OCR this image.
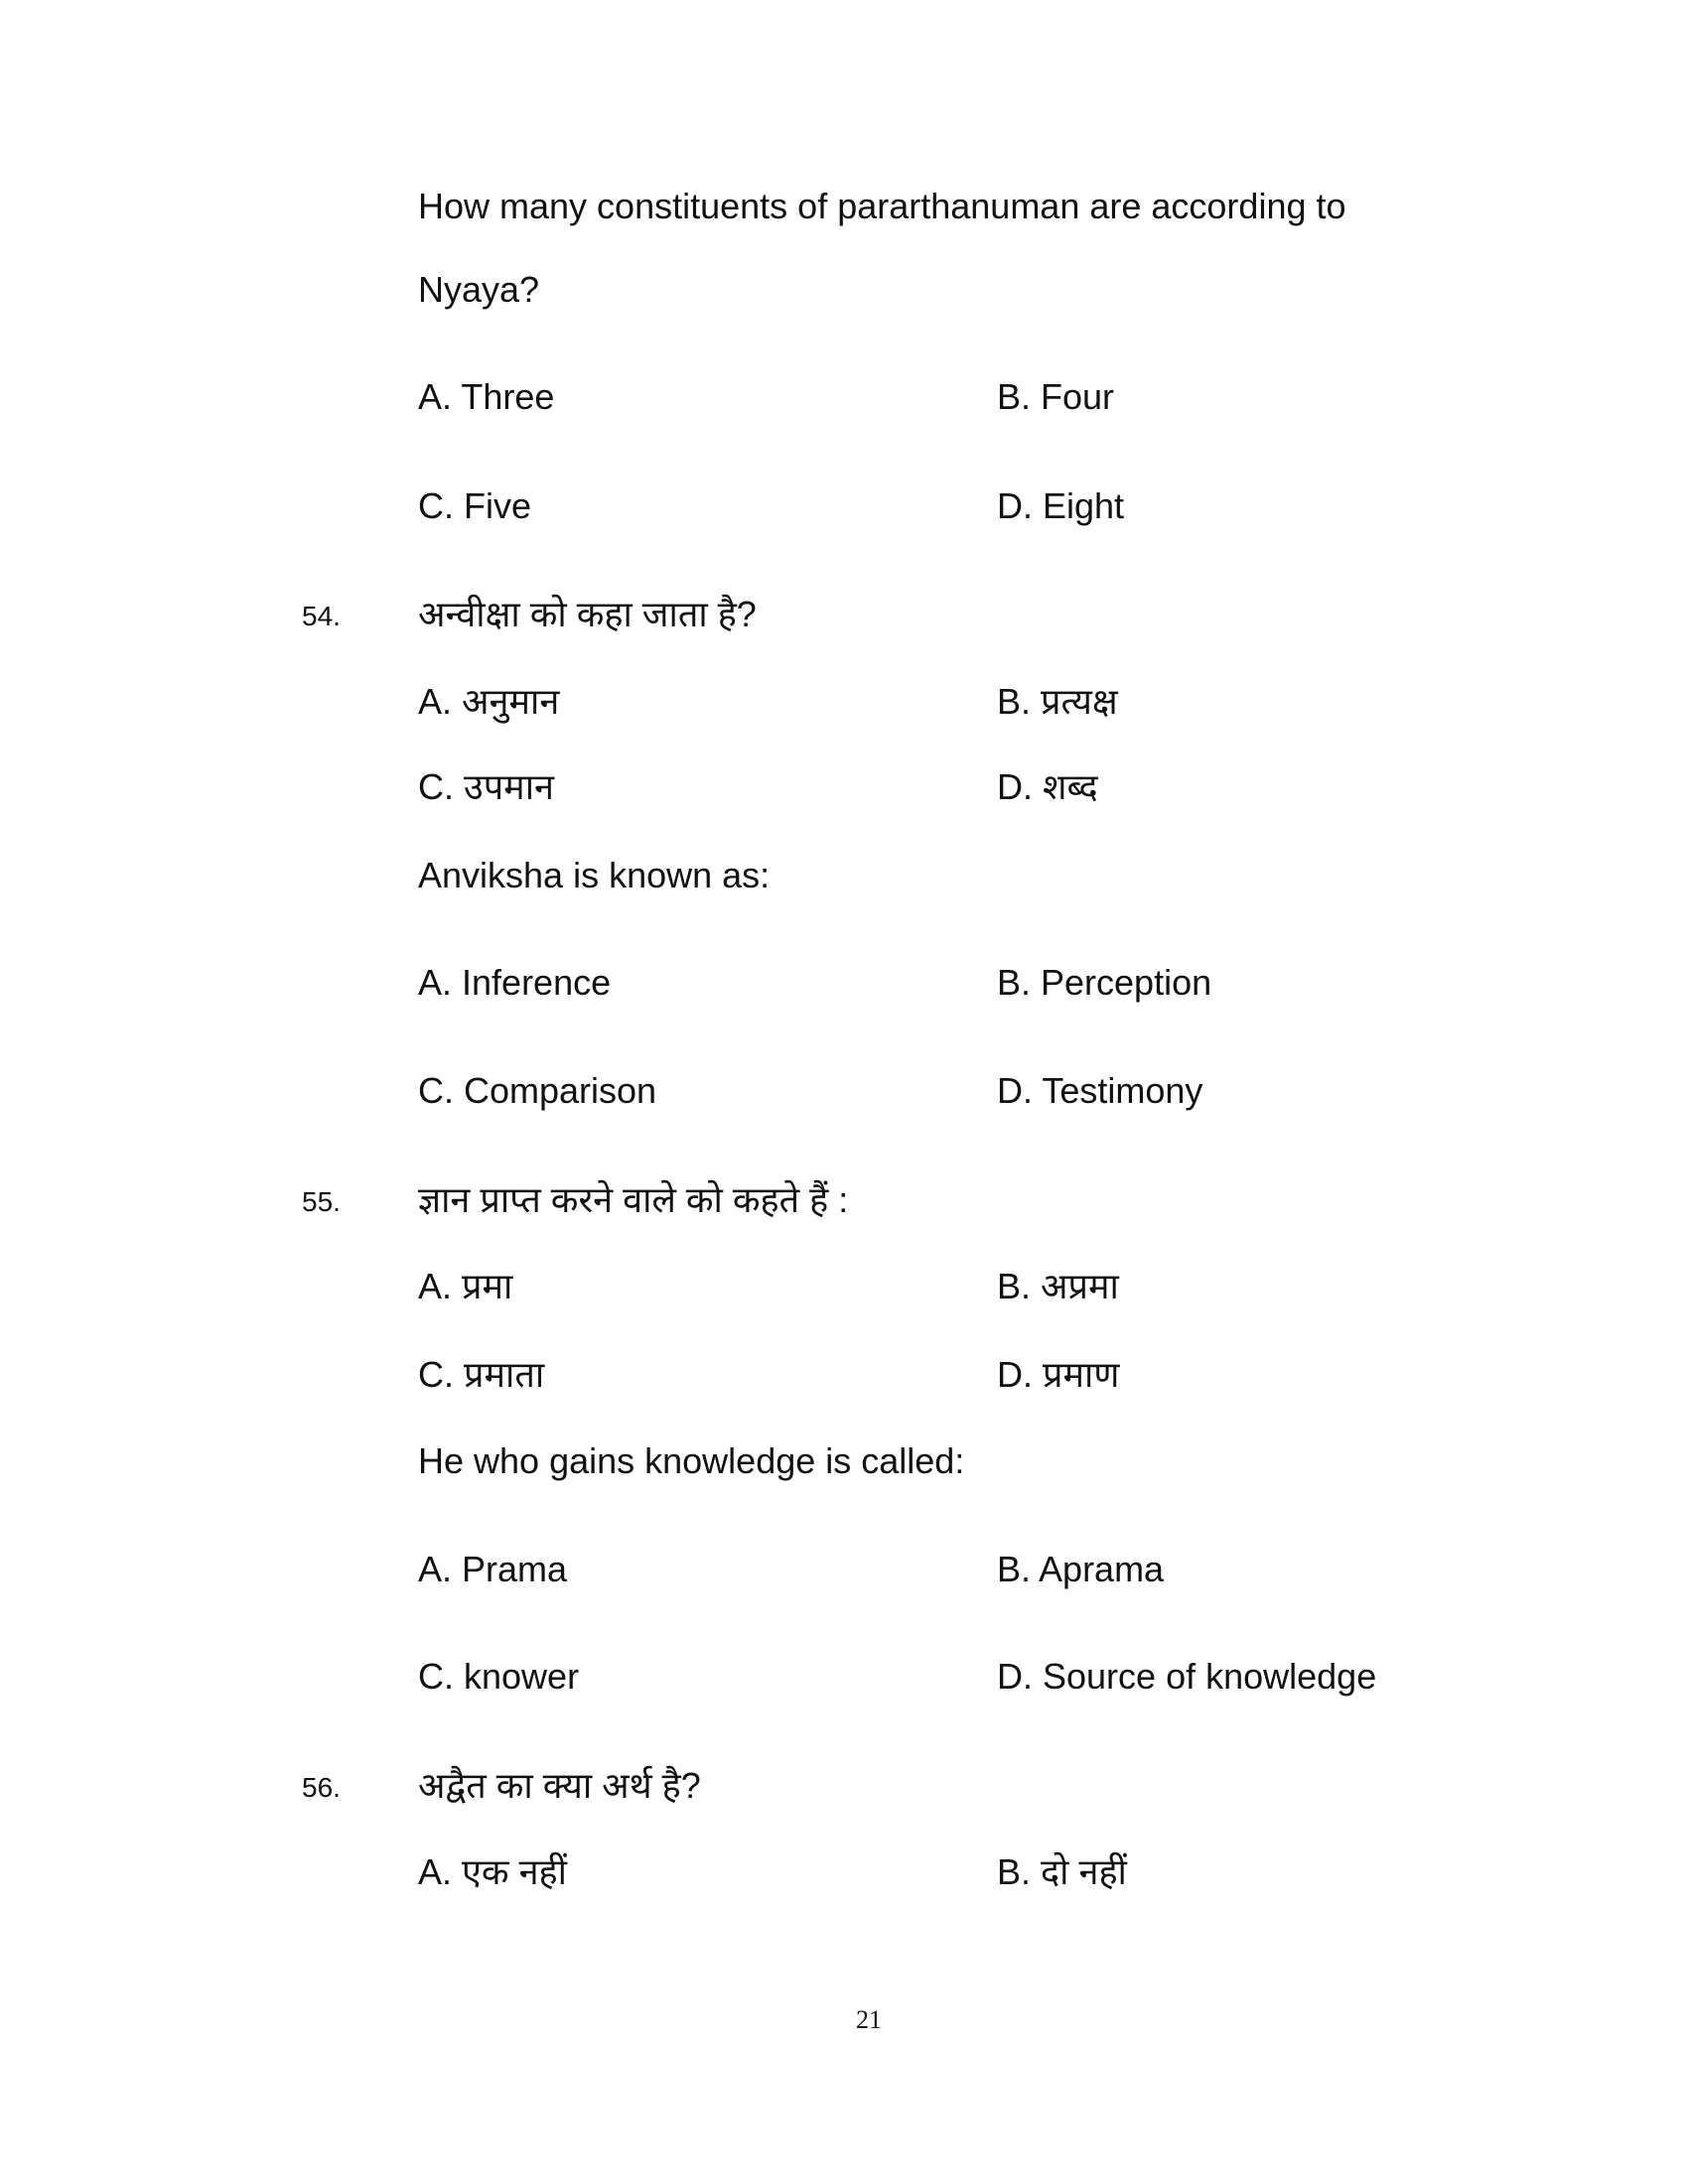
How many constituents of pararthanuman are according to
Nyaya?
A. Three	B. Four
C. Five	D. Eight
54. अन्वीक्षा को कहा जाता है?
A. अनुमान	B. प्रत्यक्ष
C. उपमान	D. शब्द
Anviksha is known as:
A. Inference	B. Perception
C. Comparison	D. Testimony
55. ज्ञान प्राप्त करने वाले को कहते हैं :
A. प्रमा	B. अप्रमा
C. प्रमाता	D. प्रमाण
He who gains knowledge is called:
A. Prama	B. Aprama
C. knower	D. Source of knowledge
56. अद्वैत का क्या अर्थ है?
A. एक नहीं	B. दो नहीं
21
